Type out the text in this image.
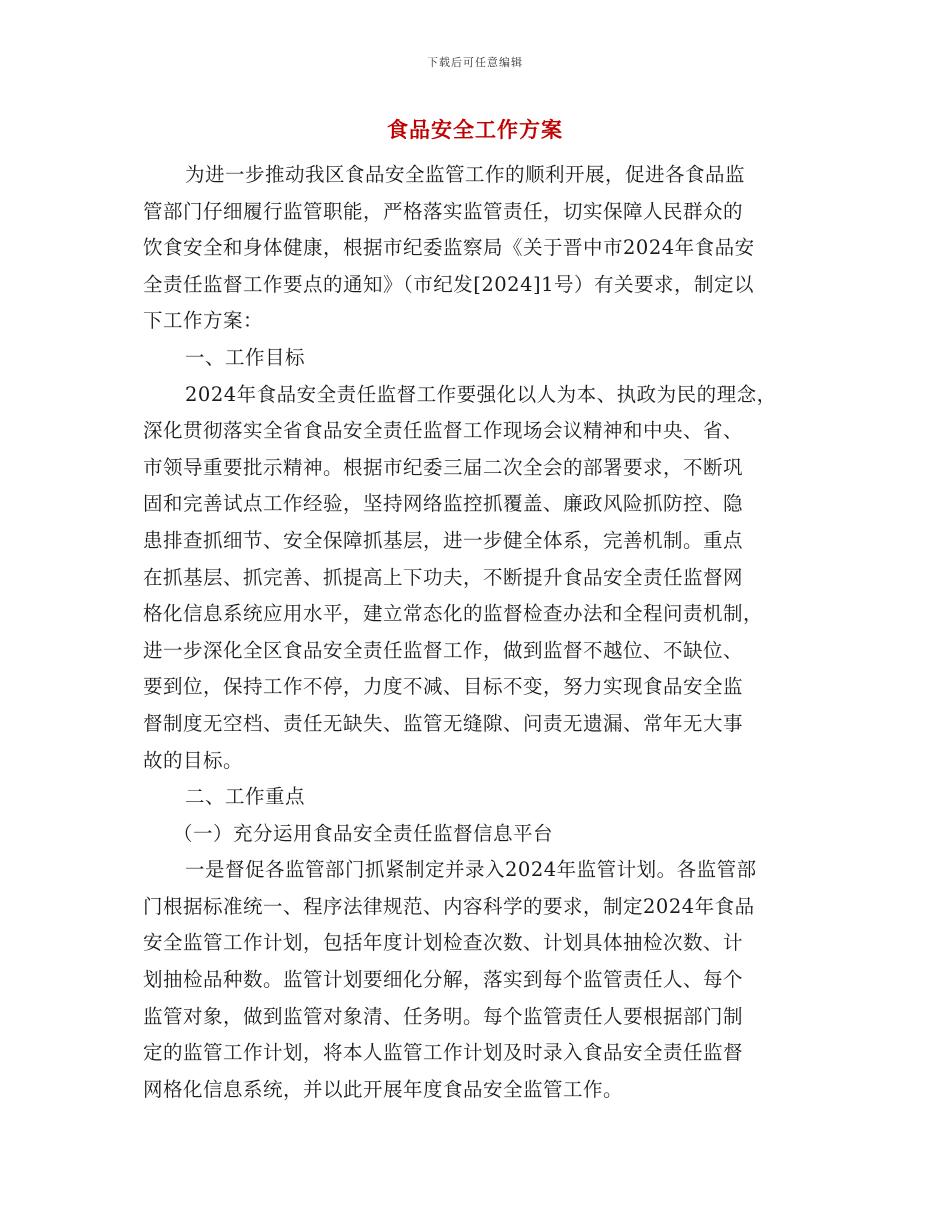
下载后可任意编辑
食品安全工作方案
为进一步推动我区食品安全监管工作的顺利开展，促进各食品监
管部门仔细履行监管职能，严格落实监管责任，切实保障人民群众的
饮食安全和身体健康，根据市纪委监察局《关于晋中市2024年食品安
全责任监督工作要点的通知》（市纪发[2024]1号）有关要求，制定以
下工作方案：
一、工作目标
2024年食品安全责任监督工作要强化以人为本、执政为民的理念，
深化贯彻落实全省食品安全责任监督工作现场会议精神和中央、省、
市领导重要批示精神。根据市纪委三届二次全会的部署要求，不断巩
固和完善试点工作经验，坚持网络监控抓覆盖、廉政风险抓防控、隐
患排查抓细节、安全保障抓基层，进一步健全体系，完善机制。重点
在抓基层、抓完善、抓提高上下功夫，不断提升食品安全责任监督网
格化信息系统应用水平，建立常态化的监督检查办法和全程问责机制，
进一步深化全区食品安全责任监督工作，做到监督不越位、不缺位、
要到位，保持工作不停，力度不减、目标不变，努力实现食品安全监
督制度无空档、责任无缺失、监管无缝隙、问责无遗漏、常年无大事
故的目标。
二、工作重点
（一）充分运用食品安全责任监督信息平台
一是督促各监管部门抓紧制定并录入2024年监管计划。各监管部
门根据标准统一、程序法律规范、内容科学的要求，制定2024年食品
安全监管工作计划，包括年度计划检查次数、计划具体抽检次数、计
划抽检品种数。监管计划要细化分解，落实到每个监管责任人、每个
监管对象，做到监管对象清、任务明。每个监管责任人要根据部门制
定的监管工作计划，将本人监管工作计划及时录入食品安全责任监督
网格化信息系统，并以此开展年度食品安全监管工作。
